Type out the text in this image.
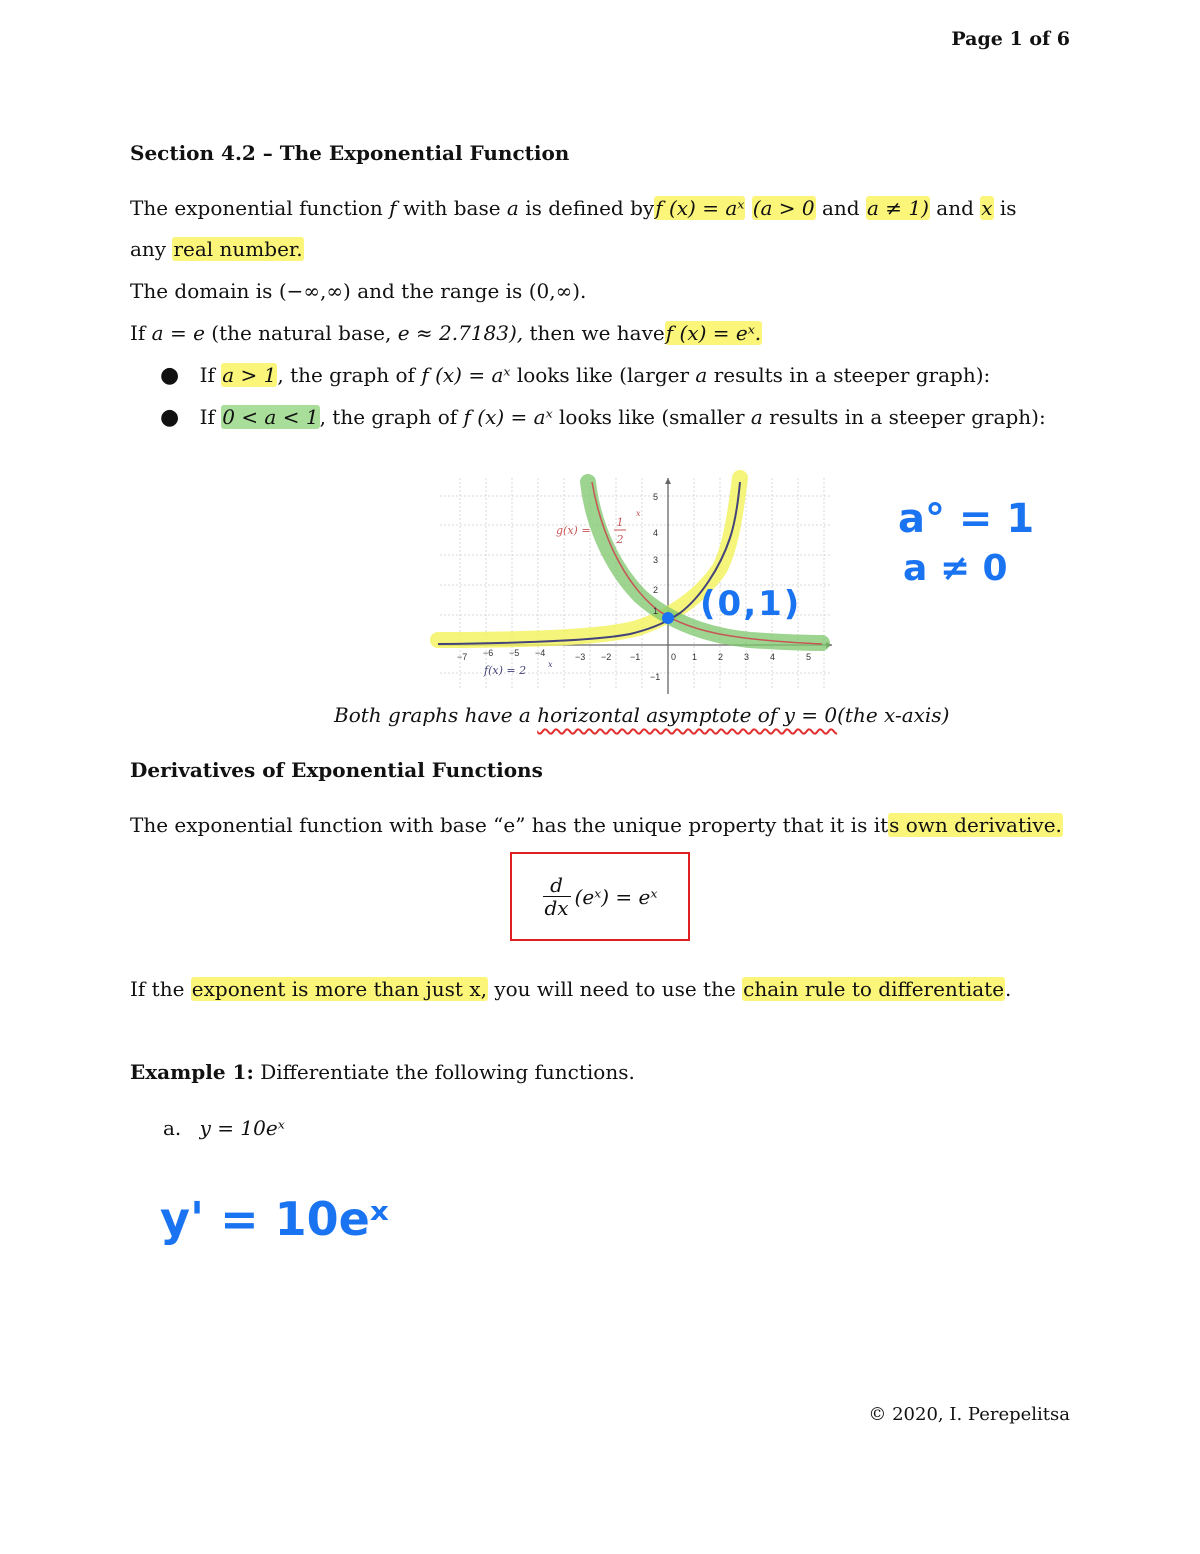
Page 1 of 6
Section 4.2 – The Exponential Function
The exponential function f with base a is defined byf (x) = aˣ (a > 0 and a ≠ 1) and x is
any real number.
The domain is (−∞,∞) and the range is (0,∞).
If a = e (the natural base, e ≈ 2.7183), then we havef (x) = eˣ.
● If a > 1, the graph of f (x) = aˣ looks like (larger a results in a steeper graph):
● If 0 < a < 1, the graph of f (x) = aˣ looks like (smaller a results in a steeper graph):
−7 −6 −5 −4	−3 −2 −1	0 1 2 3 4	5
5
4
3
2
1
−1
g(x) =
1
2
x
f(x) = 2	x
(0,1)
a° = 1
a ≠ 0
Both graphs have a horizontal asymptote of y = 0(the x-axis)
Derivatives of Exponential Functions
The exponential function with base “e” has the unique property that it is its own derivative.
$\frac{d}{dx}$ (eˣ) = eˣ
If the exponent is more than just x, you will need to use the chain rule to differentiate.
Example 1: Differentiate the following functions.
a. y = 10eˣ
y' = 10eˣ
© 2020, I. Perepelitsa
